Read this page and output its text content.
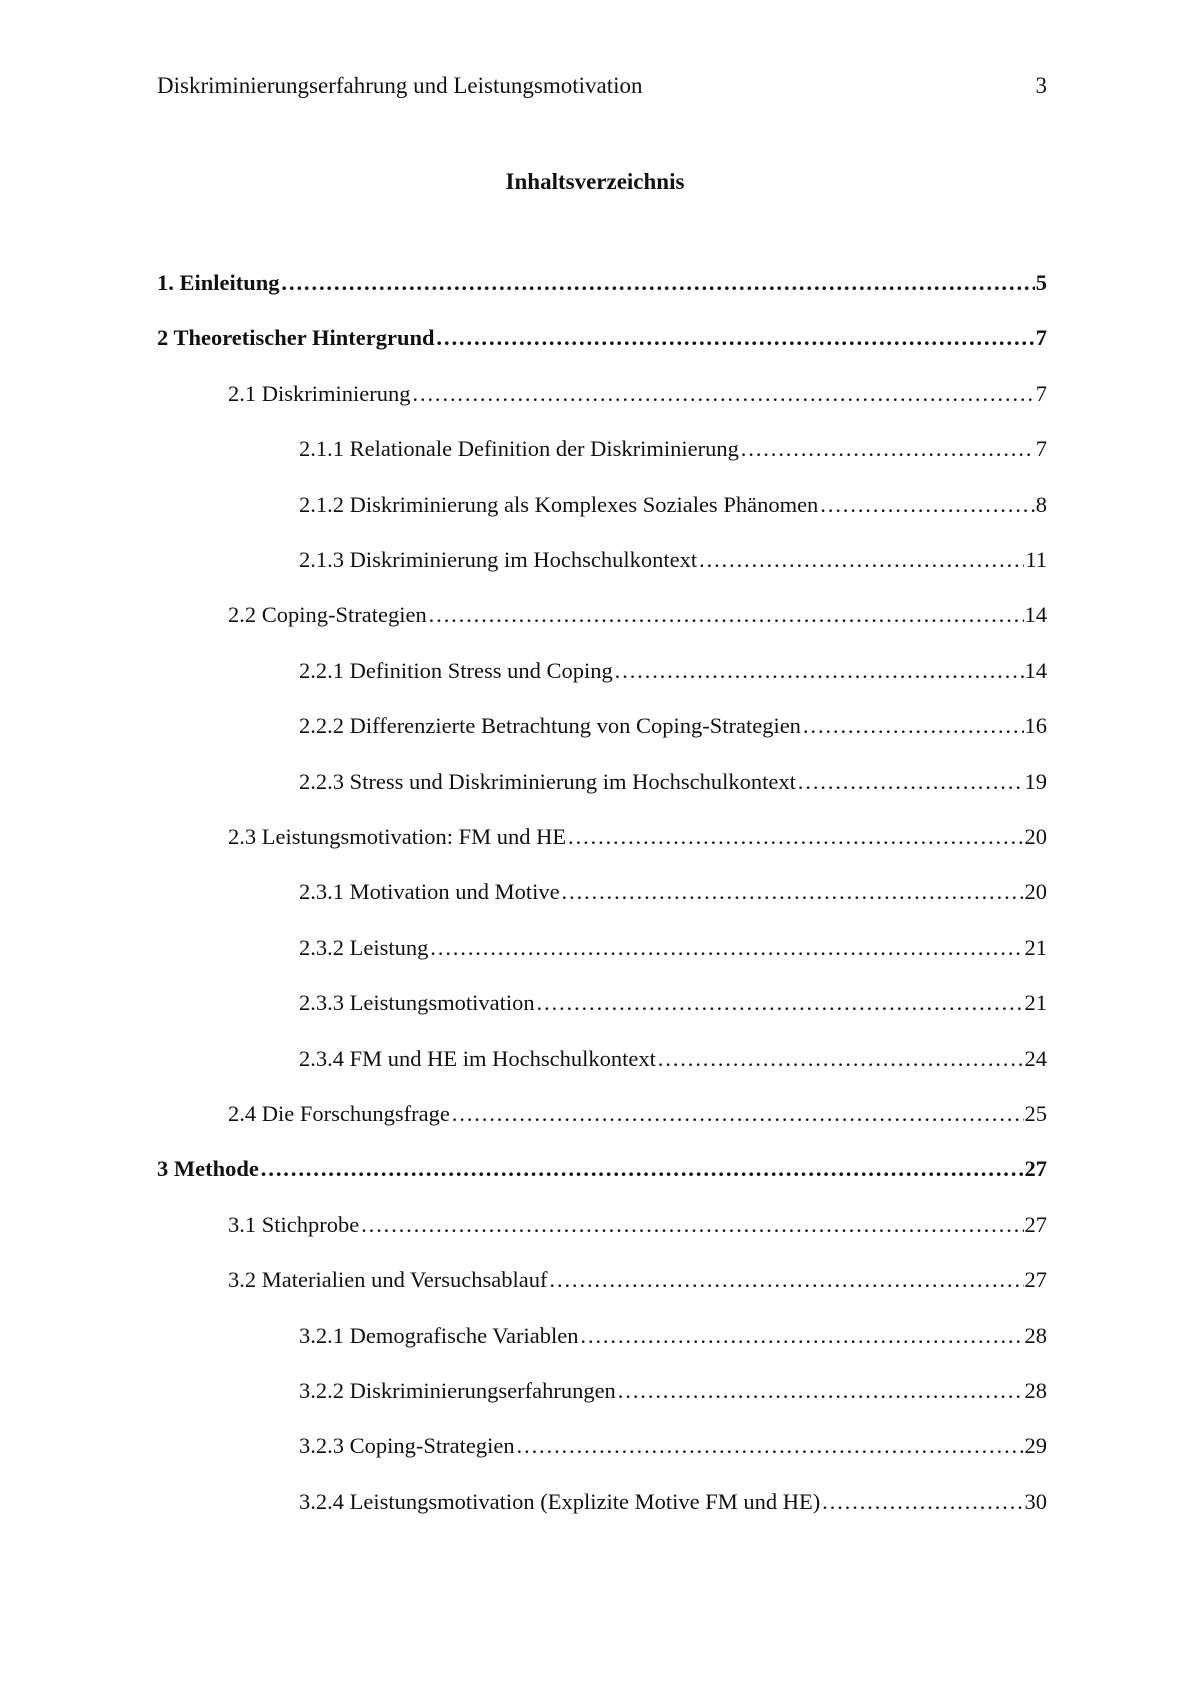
Diskriminierungserfahrung und Leistungsmotivation	3
Inhaltsverzeichnis
1. Einleitung ……………………………………………………………………………………………………………………………………………………………………………………	5
2 Theoretischer Hintergrund ……………………………………………………………………………………………………………………………………………………………………………………	7
2.1 Diskriminierung ……………………………………………………………………………………………………………………………………………………………………………………	7
2.1.1 Relationale Definition der Diskriminierung ……………………………………………………………………………………………………………………………………………………………………………………	7
2.1.2 Diskriminierung als Komplexes Soziales Phänomen ……………………………………………………………………………………………………………………………………………………………………………………	8
2.1.3 Diskriminierung im Hochschulkontext ……………………………………………………………………………………………………………………………………………………………………………………	11
2.2 Coping-Strategien ……………………………………………………………………………………………………………………………………………………………………………………	14
2.2.1 Definition Stress und Coping ……………………………………………………………………………………………………………………………………………………………………………………	14
2.2.2 Differenzierte Betrachtung von Coping-Strategien ……………………………………………………………………………………………………………………………………………………………………………………	16
2.2.3 Stress und Diskriminierung im Hochschulkontext ……………………………………………………………………………………………………………………………………………………………………………………	19
2.3 Leistungsmotivation: FM und HE ……………………………………………………………………………………………………………………………………………………………………………………	20
2.3.1 Motivation und Motive ……………………………………………………………………………………………………………………………………………………………………………………	20
2.3.2 Leistung ……………………………………………………………………………………………………………………………………………………………………………………	21
2.3.3 Leistungsmotivation ……………………………………………………………………………………………………………………………………………………………………………………	21
2.3.4 FM und HE im Hochschulkontext ……………………………………………………………………………………………………………………………………………………………………………………	24
2.4 Die Forschungsfrage ……………………………………………………………………………………………………………………………………………………………………………………	25
3 Methode ……………………………………………………………………………………………………………………………………………………………………………………	27
3.1 Stichprobe ……………………………………………………………………………………………………………………………………………………………………………………	27
3.2 Materialien und Versuchsablauf ……………………………………………………………………………………………………………………………………………………………………………………	27
3.2.1 Demografische Variablen ……………………………………………………………………………………………………………………………………………………………………………………	28
3.2.2 Diskriminierungserfahrungen ……………………………………………………………………………………………………………………………………………………………………………………	28
3.2.3 Coping-Strategien ……………………………………………………………………………………………………………………………………………………………………………………	29
3.2.4 Leistungsmotivation (Explizite Motive FM und HE) ……………………………………………………………………………………………………………………………………………………………………………………	30
